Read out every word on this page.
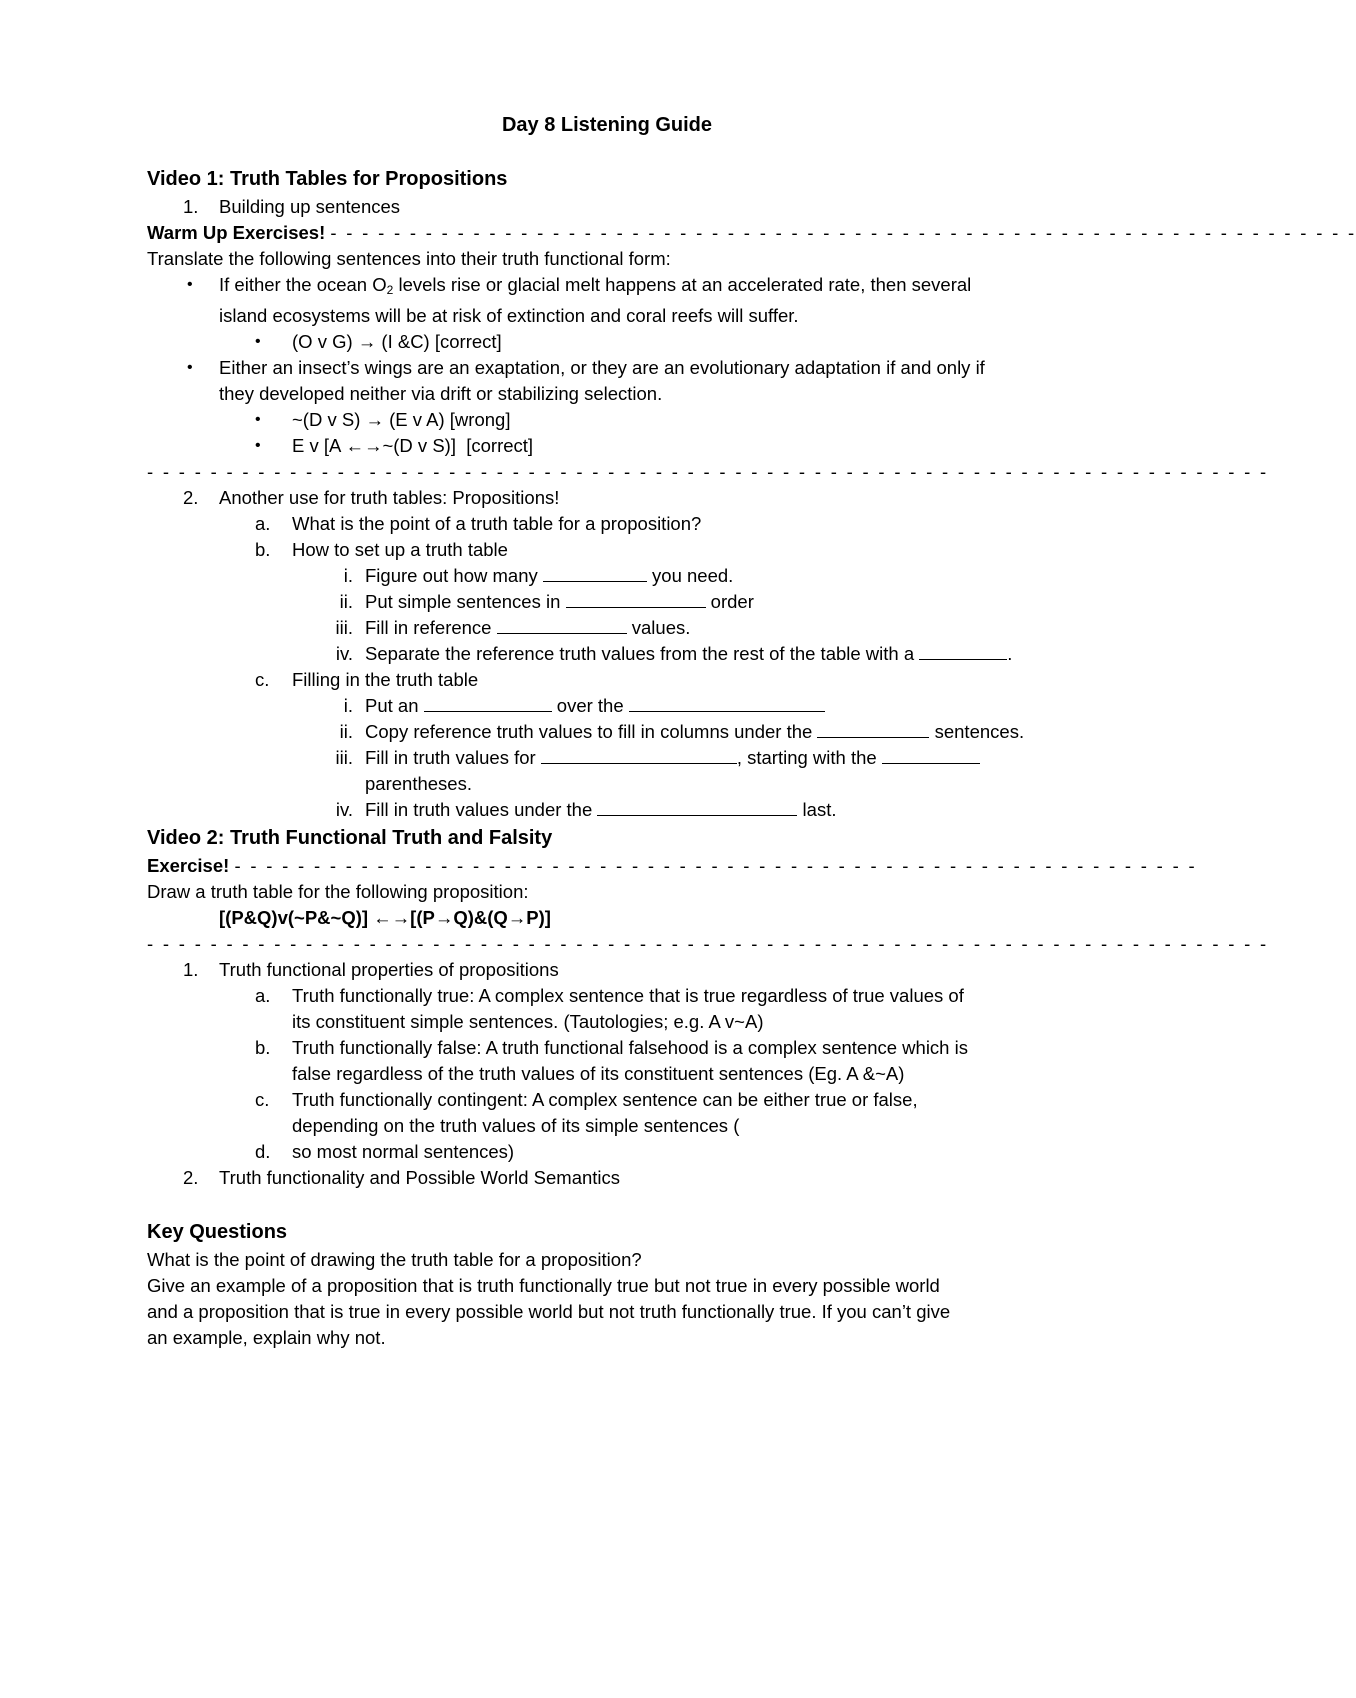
Day 8 Listening Guide
Video 1: Truth Tables for Propositions
1. Building up sentences
Warm Up Exercises! - - - - - - - - - - - - - - - - - - - - - - - - - - - - - - - - - - - - - - - - - - - - - - - - - - - - - - - - - - - - - - - - -
Translate the following sentences into their truth functional form:
• If either the ocean $O_2$ levels rise or glacial melt happens at an accelerated rate, then several
island ecosystems will be at risk of extinction and coral reefs will suffer.
• (O v G) → (I &C) [correct]
• Either an insect’s wings are an exaptation, or they are an evolutionary adaptation if and only if
they developed neither via drift or stabilizing selection.
• ~(D v S) → (E v A) [wrong]
• E v [A ←→~(D v S)] [correct]
- - - - - - - - - - - - - - - - - - - - - - - - - - - - - - - - - - - - - - - - - - - - - - - - - - - - - - - - - - - - - - - - - - - - - - -
2. Another use for truth tables: Propositions!
a. What is the point of a truth table for a proposition?
b. How to set up a truth table
i. Figure out how many	you need.
ii. Put simple sentences in	order
iii. Fill in reference	values.
iv. Separate the reference truth values from the rest of the table with a	.
c. Filling in the truth table
i. Put an	over the
ii. Copy reference truth values to fill in columns under the	sentences.
iii. Fill in truth values for	, starting with the
parentheses.
iv. Fill in truth values under the	last.
Video 2: Truth Functional Truth and Falsity
Exercise! - - - - - - - - - - - - - - - - - - - - - - - - - - - - - - - - - - - - - - - - - - - - - - - - - - - - - - - - - - - - -
Draw a truth table for the following proposition:
[(P&Q)v(~P&~Q)] ←→[(P→Q)&(Q→P)]
- - - - - - - - - - - - - - - - - - - - - - - - - - - - - - - - - - - - - - - - - - - - - - - - - - - - - - - - - - - - - - - - - - - - - - -
1. Truth functional properties of propositions
a. Truth functionally true: A complex sentence that is true regardless of true values of
its constituent simple sentences. (Tautologies; e.g. A v~A)
b. Truth functionally false: A truth functional falsehood is a complex sentence which is
false regardless of the truth values of its constituent sentences (Eg. A &~A)
c. Truth functionally contingent: A complex sentence can be either true or false,
depending on the truth values of its simple sentences (
d. so most normal sentences)
2. Truth functionality and Possible World Semantics
Key Questions
What is the point of drawing the truth table for a proposition?
Give an example of a proposition that is truth functionally true but not true in every possible world
and a proposition that is true in every possible world but not truth functionally true. If you can’t give
an example, explain why not.
